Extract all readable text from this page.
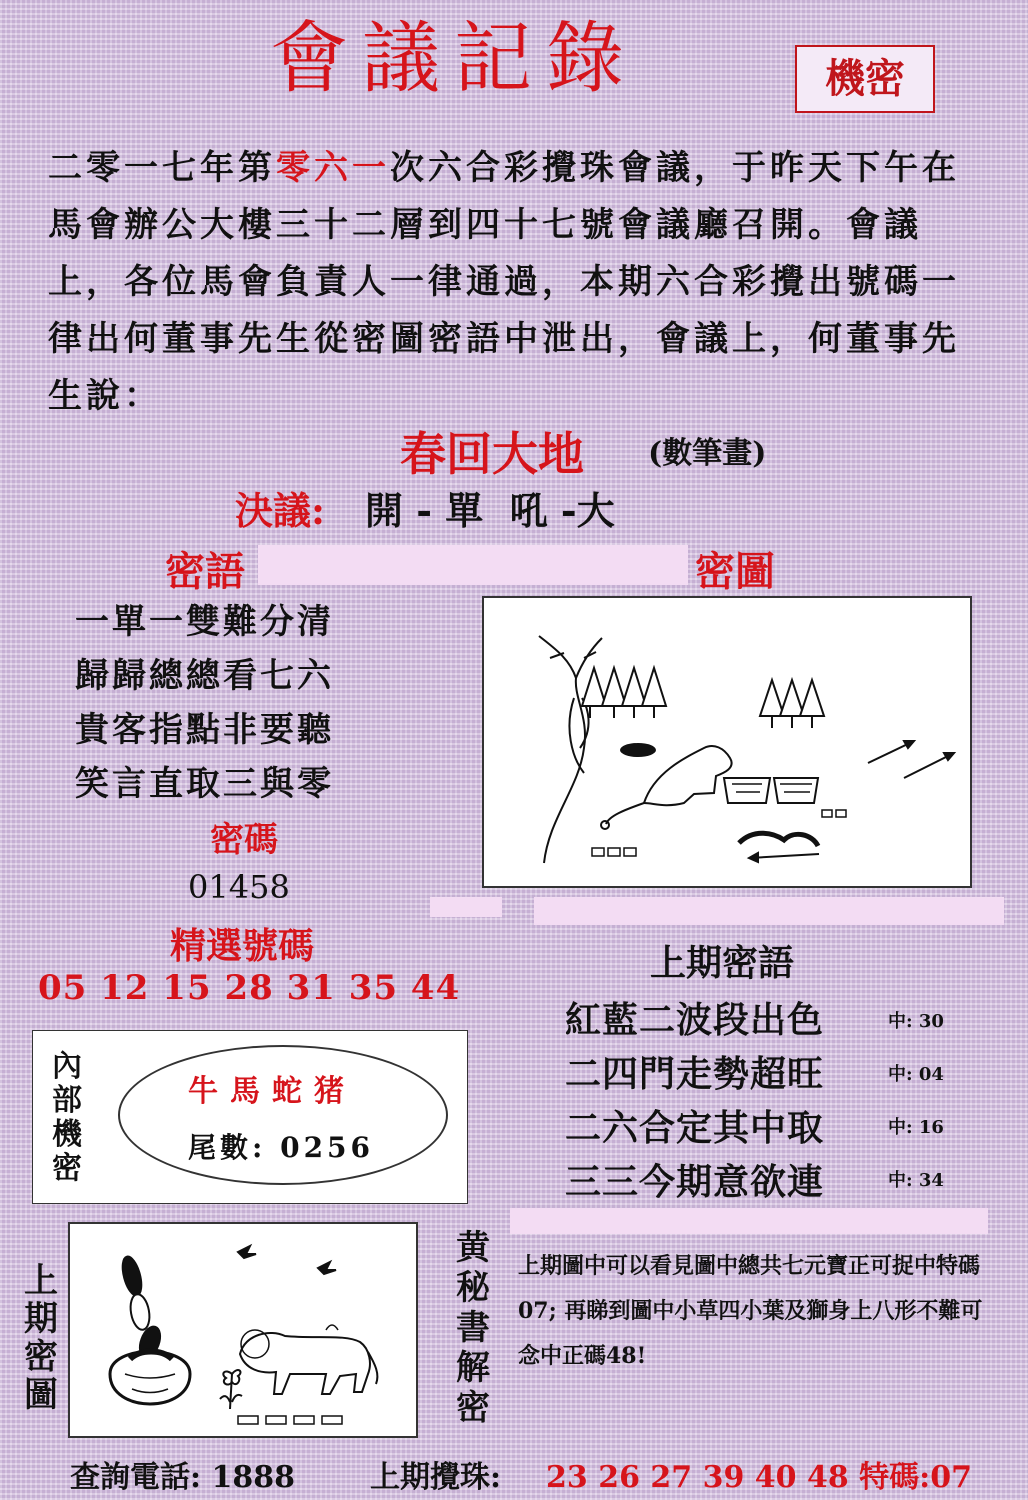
會議記錄	機密
二零一七年第零六一次六合彩攪珠會議，于昨天下午在馬會辦公大樓三十二層到四十七號會議廳召開。會議上，各位馬會負責人一律通過，本期六合彩攪出號碼一律出何董事先生從密圖密語中泄出，會議上，何董事先生說：
春回大地 (數筆畫)
決議: 開 - 單  吼 -大
密語	密圖
一單一雙難分清
歸歸總總看七六
貴客指點非要聽
笑言直取三與零
密碼
01458
精選號碼
05 12 15 28 31 35 44
上期密語
紅藍二波段出色	中: 30
二四門走勢超旺	中: 04
二六合定其中取	中: 16
三三今期意欲連	中: 34
內部機密
牛馬蛇猪
尾數: 0256
上期密圖
黄秘書解密
上期圖中可以看見圖中總共七元寶正可捉中特碼07; 再睇到圖中小草四小葉及獅身上八形不難可念中正碼48!
查詢電話: 1888 上期攪珠: 23 26 27 39 40 48 特碼:07
